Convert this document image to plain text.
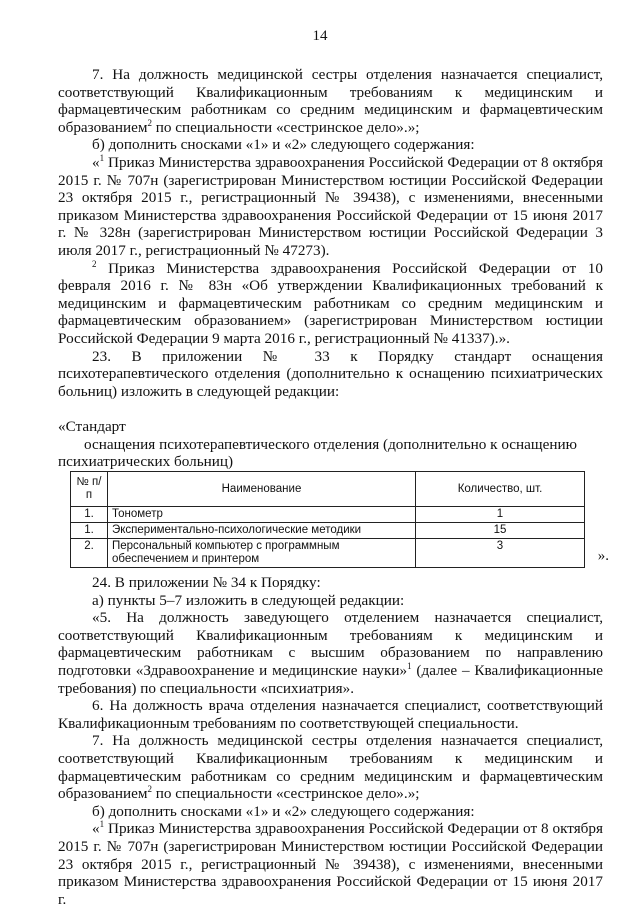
14

7. На должность медицинской сестры отделения назначается специалист, соответствующий Квалификационным требованиям к медицинским и фармацевтическим работникам со средним медицинским и фармацевтическим образованием$^2$ по специальности «сестринское дело».»;

б) дополнить сносками «1» и «2» следующего содержания:

«$^1$ Приказ Министерства здравоохранения Российской Федерации от 8 октября 2015 г. № 707н (зарегистрирован Министерством юстиции Российской Федерации 23 октября 2015 г., регистрационный № 39438), с изменениями, внесенными приказом Министерства здравоохранения Российской Федерации от 15 июня 2017 г. № 328н (зарегистрирован Министерством юстиции Российской Федерации 3 июля 2017 г., регистрационный № 47273).

$^2$ Приказ Министерства здравоохранения Российской Федерации от 10 февраля 2016 г. № 83н «Об утверждении Квалификационных требований к медицинским и фармацевтическим работникам со средним медицинским и фармацевтическим образованием» (зарегистрирован Министерством юстиции Российской Федерации 9 марта 2016 г., регистрационный № 41337).».

23. В приложении № 33 к Порядку стандарт оснащения психотерапевтического отделения (дополнительно к оснащению психиатрических больниц) изложить в следующей редакции:

«Стандарт

оснащения психотерапевтического отделения (дополнительно к оснащению психиатрических больниц)

№ п/п	Наименование	Количество, шт.
1.	Тонометр	1
1.	Экспериментально-психологические методики	15
2.	Персональный компьютер с программным обеспечением и принтером	3
».

24. В приложении № 34 к Порядку:

а) пункты 5–7 изложить в следующей редакции:

«5. На должность заведующего отделением назначается специалист, соответствующий Квалификационным требованиям к медицинским и фармацевтическим работникам с высшим образованием по направлению подготовки «Здравоохранение и медицинские науки»$^1$ (далее – Квалификационные требования) по специальности «психиатрия».

6. На должность врача отделения назначается специалист, соответствующий Квалификационным требованиям по соответствующей специальности.

7. На должность медицинской сестры отделения назначается специалист, соответствующий Квалификационным требованиям к медицинским и фармацевтическим работникам со средним медицинским и фармацевтическим образованием$^2$ по специальности «сестринское дело».»;

б) дополнить сносками «1» и «2» следующего содержания:

«$^1$ Приказ Министерства здравоохранения Российской Федерации от 8 октября 2015 г. № 707н (зарегистрирован Министерством юстиции Российской Федерации 23 октября 2015 г., регистрационный № 39438), с изменениями, внесенными приказом Министерства здравоохранения Российской Федерации от 15 июня 2017 г.
